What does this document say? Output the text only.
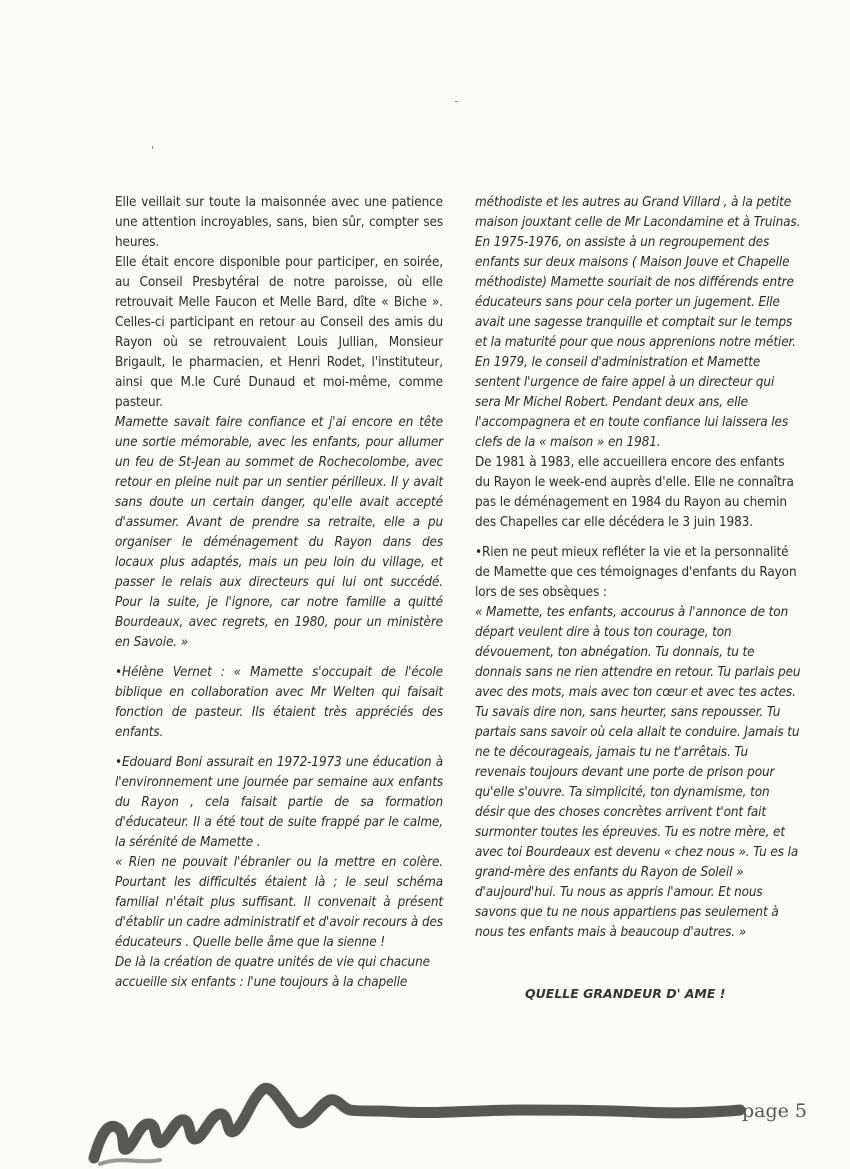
Elle veillait sur toute la maisonnée avec une patience une attention incroyables, sans, bien sûr, compter ses heures.

Elle était encore disponible pour participer, en soirée, au Conseil Presbytéral de notre paroisse, où elle retrouvait Melle Faucon et Melle Bard, dîte « Biche ». Celles-ci participant en retour au Conseil des amis du Rayon où se retrouvaient Louis Jullian, Monsieur Brigault, le pharmacien, et Henri Rodet, l'instituteur, ainsi que M.le Curé Dunaud et moi-même, comme pasteur.

Mamette savait faire confiance et j'ai encore en tête une sortie mémorable, avec les enfants, pour allumer un feu de St-Jean au sommet de Rochecolombe, avec retour en pleine nuit par un sentier périlleux. Il y avait sans doute un certain danger, qu'elle avait accepté d'assumer. Avant de prendre sa retraite, elle a pu organiser le déménagement du Rayon dans des locaux plus adaptés, mais un peu loin du village, et passer le relais aux directeurs qui lui ont succédé. Pour la suite, je l'ignore, car notre famille a quitté Bourdeaux, avec regrets, en 1980, pour un ministère en Savoie. »

• Hélène Vernet : « Mamette s'occupait de l'école biblique en collaboration avec Mr Welten qui faisait fonction de pasteur. Ils étaient très appréciés des enfants.

• Edouard Boni assurait en 1972-1973 une éducation à l'environnement une journée par semaine aux enfants du Rayon , cela faisait partie de sa formation d'éducateur. Il a été tout de suite frappé par le calme, la sérénité de Mamette .

« Rien ne pouvait l'ébranler ou la mettre en colère. Pourtant les difficultés étaient là ; le seul schéma familial n'était plus suffisant. Il convenait à présent d'établir un cadre administratif et d'avoir recours à des éducateurs . Quelle belle âme que la sienne !

De là la création de quatre unités de vie qui chacune accueille six enfants : l'une toujours à la chapelle

méthodiste et les autres au Grand Villard , à la petite maison jouxtant celle de Mr Lacondamine et à Truinas. En 1975-1976, on assiste à un regroupement des enfants sur deux maisons ( Maison Jouve et Chapelle méthodiste) Mamette souriait de nos différends entre éducateurs sans pour cela porter un jugement. Elle avait une sagesse tranquille et comptait sur le temps et la maturité pour que nous apprenions notre métier.

En 1979, le conseil d'administration et Mamette sentent l'urgence de faire appel à un directeur qui sera Mr Michel Robert. Pendant deux ans, elle l'accompagnera et en toute confiance lui laissera les clefs de la « maison » en 1981.

De 1981 à 1983, elle accueillera encore des enfants du Rayon le week-end auprès d'elle. Elle ne connaîtra pas le déménagement en 1984 du Rayon au chemin des Chapelles car elle décédera le 3 juin 1983.

• Rien ne peut mieux refléter la vie et la personnalité de Mamette que ces témoignages d'enfants du Rayon lors de ses obsèques :

« Mamette, tes enfants, accourus à l'annonce de ton départ veulent dire à tous ton courage, ton dévouement, ton abnégation. Tu donnais, tu te donnais sans ne rien attendre en retour. Tu parlais peu avec des mots, mais avec ton cœur et avec tes actes. Tu savais dire non, sans heurter, sans repousser. Tu partais sans savoir où cela allait te conduire. Jamais tu ne te décourageais, jamais tu ne t'arrêtais. Tu revenais toujours devant une porte de prison pour qu'elle s'ouvre. Ta simplicité, ton dynamisme, ton désir que des choses concrètes arrivent t'ont fait surmonter toutes les épreuves. Tu es notre mère, et avec toi Bourdeaux est devenu « chez nous ». Tu es la grand-mère des enfants du Rayon de Soleil » d'aujourd'hui. Tu nous as appris l'amour. Et nous savons que tu ne nous appartiens pas seulement à nous tes enfants mais à beaucoup d'autres. »

QUELLE GRANDEUR D' AME !
page 5
